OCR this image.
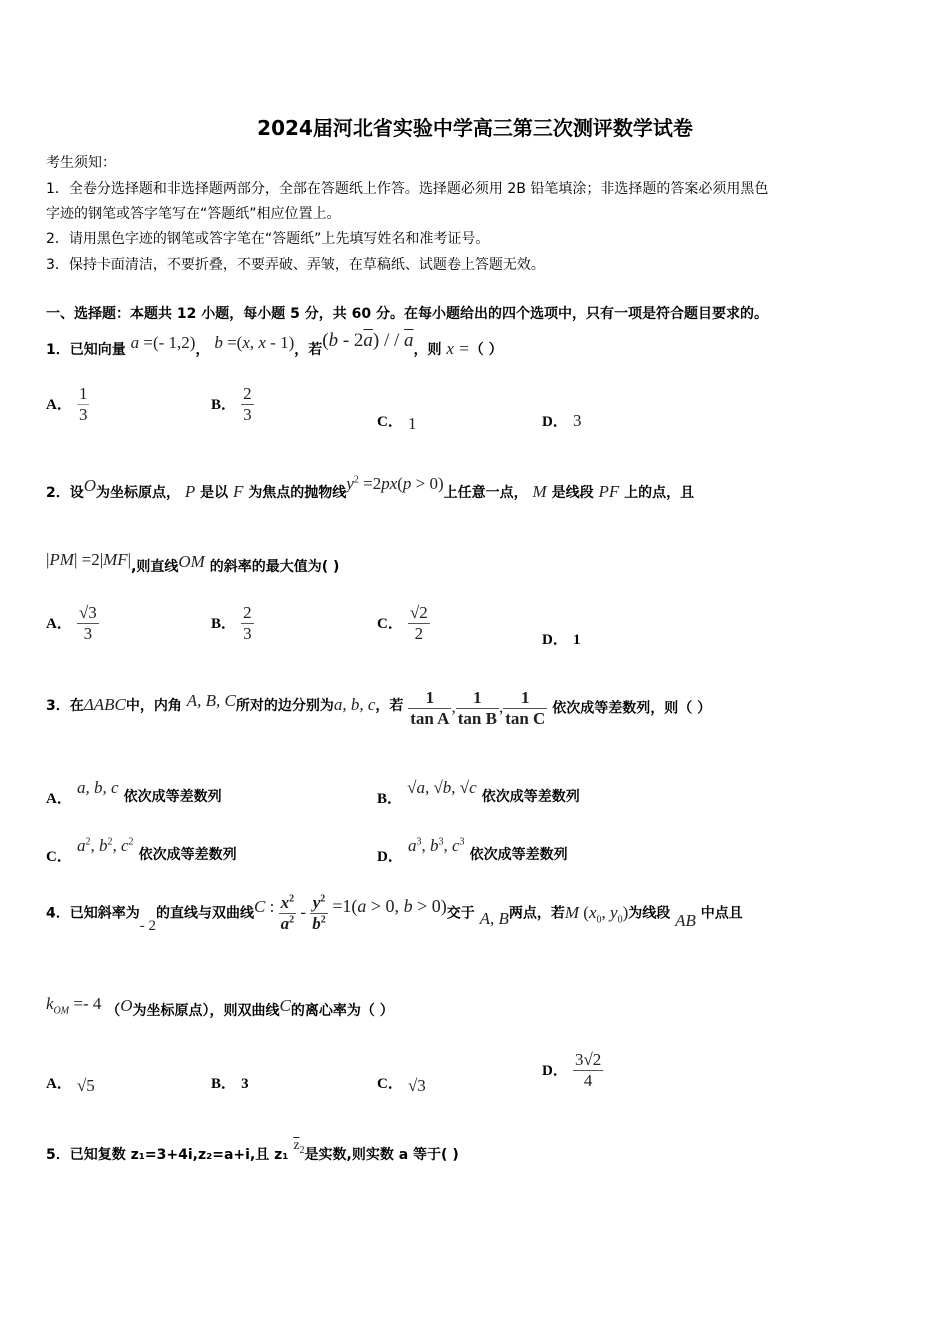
2024届河北省实验中学高三第三次测评数学试卷
考生须知：
1．全卷分选择题和非选择题两部分，全部在答题纸上作答。选择题必须用 2B 铅笔填涂；非选择题的答案必须用黑色
字迹的钢笔或答字笔写在“答题纸”相应位置上。
2．请用黑色字迹的钢笔或答字笔在“答题纸”上先填写姓名和准考证号。
3．保持卡面清洁，不要折叠，不要弄破、弄皱，在草稿纸、试题卷上答题无效。
一、选择题：本题共 12 小题，每小题 5 分，共 60 分。在每小题给出的四个选项中，只有一项是符合题目要求的。
1．已知向量 a =(- 1,2)， b =(x, x - 1)，若$(b - 2\overline{a})$ / / $\overline{a}$，则 x =（ ）
A． $\frac{1}{3}$	B． $\frac{2}{3}$	C． 1	D． 3
2．设O为坐标原点， P 是以 F 为焦点的抛物线$y^2 =2px(p > 0)$上任意一点， M 是线段 PF 上的点，且
|PM| =2|MF|,则直线OM 的斜率的最大值为( )
A． $\frac{√3}{3}$	B． $\frac{2}{3}$	C． $\frac{√2}{2}$	D． 1
3．在ΔABC中，内角 A, B, C所对的边分别为a, b, c，若 $\frac{1}{\text{tan A}}$ , $\frac{1}{\text{tan B}}$ , $\frac{1}{\text{tan C}}$ 依次成等差数列，则（ ）
A． a, b, c 依次成等差数列	B． √a, √b, √c 依次成等差数列
C． $a^2$, $b^2$, $c^2$ 依次成等差数列	D． $a^3$, $b^3$, $c^3$ 依次成等差数列
4．已知斜率为- 2的直线与双曲线C : $\frac{x^2}{a^2} - \frac{y^2}{b^2} =1(a > 0$, b > 0)交于 A, B两点，若M ($x_0$, $y_0$)为线段 AB 中点且
$k_{OM} =- 4$ （O为坐标原点），则双曲线C的离心率为（ ）
A． √5	B． 3	C． √3
D． $\frac{3√2}{4}$
5．已知复数 z₁=3+4i,z₂=a+i,且 z₁ $\overline{z}_2$是实数,则实数 a 等于( )
